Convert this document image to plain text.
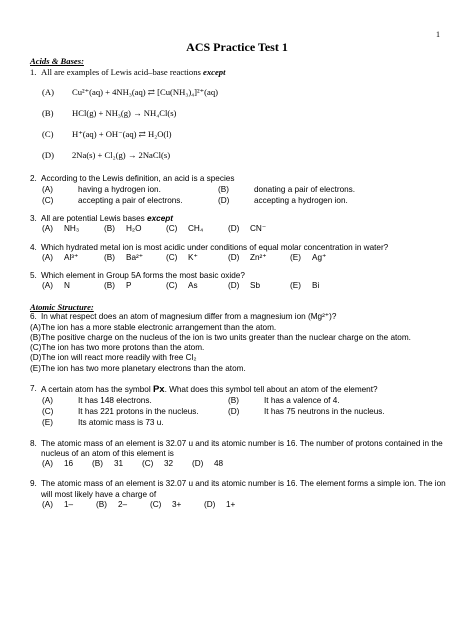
1
ACS Practice Test 1
Acids & Bases:
1. All are examples of Lewis acid–base reactions except
(A)	Cu²⁺(aq) + 4NH₃(aq) ⇄ [Cu(NH₃)₄]²⁺(aq)
(B)	HCl(g) + NH₃(g) → NH₄Cl(s)
(C)	H⁺(aq) + OH⁻(aq) ⇄ H₂O(l)
(D)	2Na(s) + Cl₂(g) → 2NaCl(s)
2. According to the Lewis definition, an acid is a species
(A)	having a hydrogen ion.	(B)	donating a pair of electrons.
(C)	accepting a pair of electrons.	(D)	accepting a hydrogen ion.
3. All are potential Lewis bases except
(A)	NH₃	(B)	H₂O	(C)	CH₄	(D)	CN⁻
4. Which hydrated metal ion is most acidic under conditions of equal molar concentration in water?
(A)	Al³⁺	(B)	Ba²⁺	(C)	K⁺	(D)	Zn²⁺	(E)	Ag⁺
5. Which element in Group 5A forms the most basic oxide?
(A)	N	(B)	P	(C)	As	(D)	Sb	(E)	Bi
Atomic Structure:
6. In what respect does an atom of magnesium differ from a magnesium ion (Mg²⁺)?
(A)The ion has a more stable electronic arrangement than the atom.
(B)The positive charge on the nucleus of the ion is two units greater than the nuclear charge on the atom.
(C)The ion has two more protons than the atom.
(D)The ion will react more readily with free Cl₂
(E)The ion has two more planetary electrons than the atom.
7. A certain atom has the symbol Px. What does this symbol tell about an atom of the element?
(A)	It has 148 electrons.	(B)	It has a valence of 4.
(C)	It has 221 protons in the nucleus.	(D)	It has 75 neutrons in the nucleus.
(E)	Its atomic mass is 73 u.
8. The atomic mass of an element is 32.07 u and its atomic number is 16. The number of protons contained in the nucleus of an atom of this element is
(A)	16	(B)	31	(C)	32	(D)	48
9. The atomic mass of an element is 32.07 u and its atomic number is 16. The element forms a simple ion. The ion will most likely have a charge of
(A)	1–	(B)	2–	(C)	3+	(D)	1+
